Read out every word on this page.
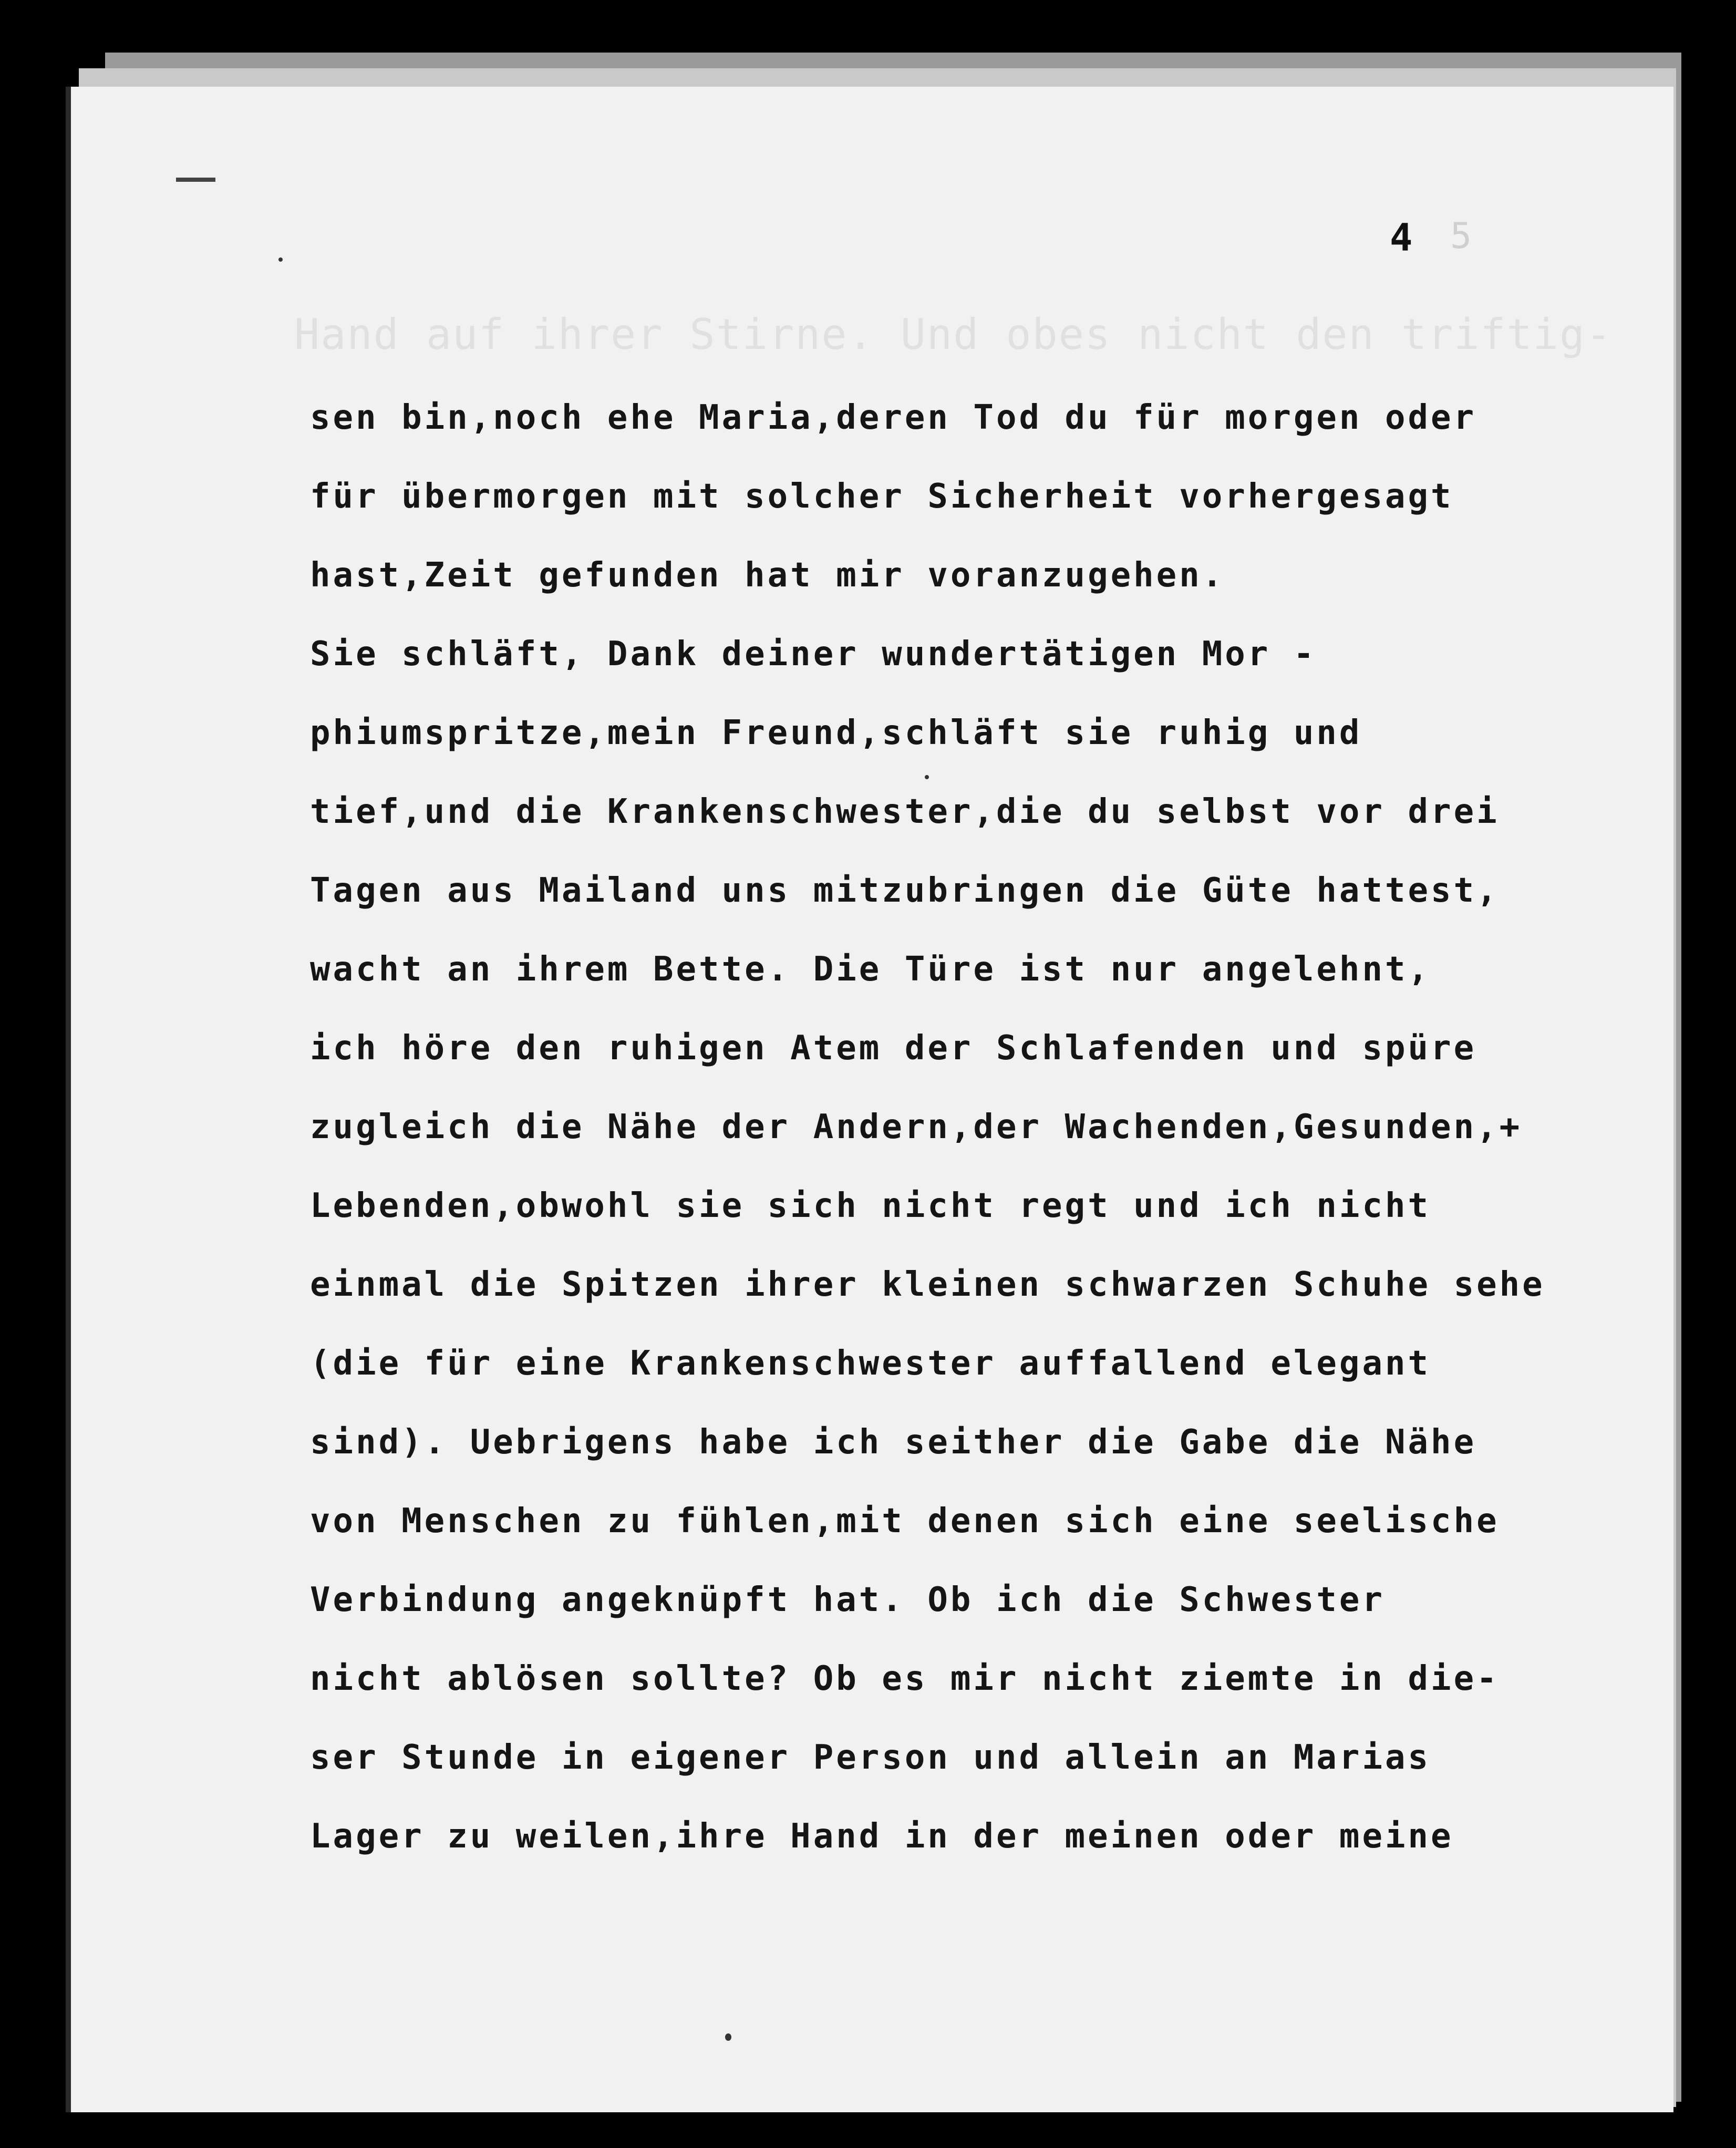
Hand auf ihrer Stirne. Und obes nicht den triftig-
4 5
sen bin,noch ehe Maria,deren Tod du für morgen oder
für übermorgen mit solcher Sicherheit vorhergesagt
hast,Zeit gefunden hat mir voranzugehen.
Sie schläft, Dank deiner wundertätigen Mor -
phiumspritze,mein Freund,schläft sie ruhig und
tief,und die Krankenschwester,die du selbst vor drei
Tagen aus Mailand uns mitzubringen die Güte hattest,
wacht an ihrem Bette. Die Türe ist nur angelehnt,
ich höre den ruhigen Atem der Schlafenden und spüre
zugleich die Nähe der Andern,der Wachenden,Gesunden,+
Lebenden,obwohl sie sich nicht regt und ich nicht
einmal die Spitzen ihrer kleinen schwarzen Schuhe sehe
(die für eine Krankenschwester auffallend elegant
sind). Uebrigens habe ich seither die Gabe die Nähe
von Menschen zu fühlen,mit denen sich eine seelische
Verbindung angeknüpft hat. Ob ich die Schwester
nicht ablösen sollte? Ob es mir nicht ziemte in die-
ser Stunde in eigener Person und allein an Marias
Lager zu weilen,ihre Hand in der meinen oder meine
